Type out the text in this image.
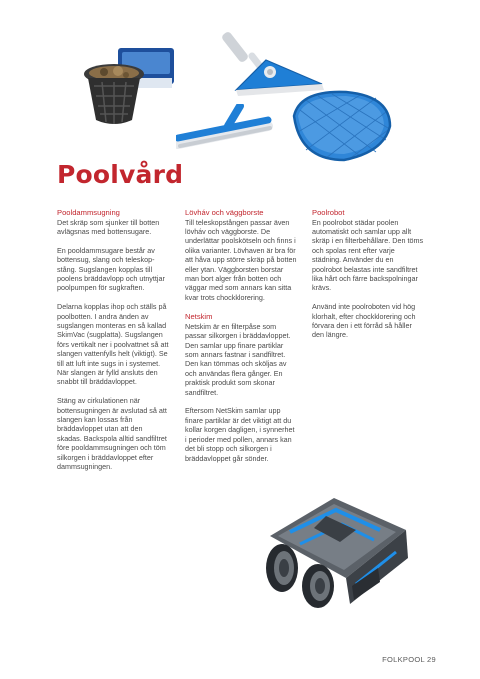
Poolvård
Pooldammsugning

Det skräp som sjunker till botten avlägsnas med bottensugare.

En pooldammsugare består av bottensug, slang och teleskop-stång. Sugslangen kopplas till poolens bräddavlopp och utnyttjar poolpumpen för sugkraften.

Delarna kopplas ihop och ställs på poolbotten. I andra änden av sugslangen monteras en så kallad SkimVac (sugplatta). Sugslangen förs vertikalt ner i poolvattnet så att slangen vattenfylls helt (viktigt). Se till att luft inte sugs in i systemet. När slangen är fylld ansluts den snabbt till bräddavloppet.

Stäng av cirkulationen när bottensugningen är avslutad så att slangen kan lossas från bräddavloppet utan att den skadas. Backspola alltid sandfiltret före pooldammsugningen och töm silkorgen i bräddavloppet efter dammsugningen.

Lövháv och väggborste

Till teleskopstången passar även lövháv och väggborste. De underlättar poolskötseln och finns i olika varianter. Lövhaven är bra för att håva upp större skräp på botten eller ytan. Väggborsten borstar man bort alger från botten och väggar med som annars kan sitta kvar trots chockklorering.

Netskim

Netskim är en filterpåse som passar silkorgen i bräddavloppet. Den samlar upp finare partiklar som annars fastnar i sandfiltret. Den kan tömmas och sköljas av och användas flera gånger. En praktisk produkt som skonar sandfiltret.

Eftersom NetSkim samlar upp finare partiklar är det viktigt att du kollar korgen dagligen, i synnerhet i perioder med pollen, annars kan det bli stopp och silkorgen i bräddavloppet går sönder.

Poolrobot

En poolrobot städar poolen automatiskt och samlar upp allt skräp i en filterbehållare. Den töms och spolas rent efter varje städning. Använder du en poolrobot belastas inte sandfiltret lika hårt och färre backspolningar krävs.

Använd inte poolroboten vid hög klorhalt, efter chockklorering och förvara den i ett förråd så håller den längre.

FOLKPOOL 29
